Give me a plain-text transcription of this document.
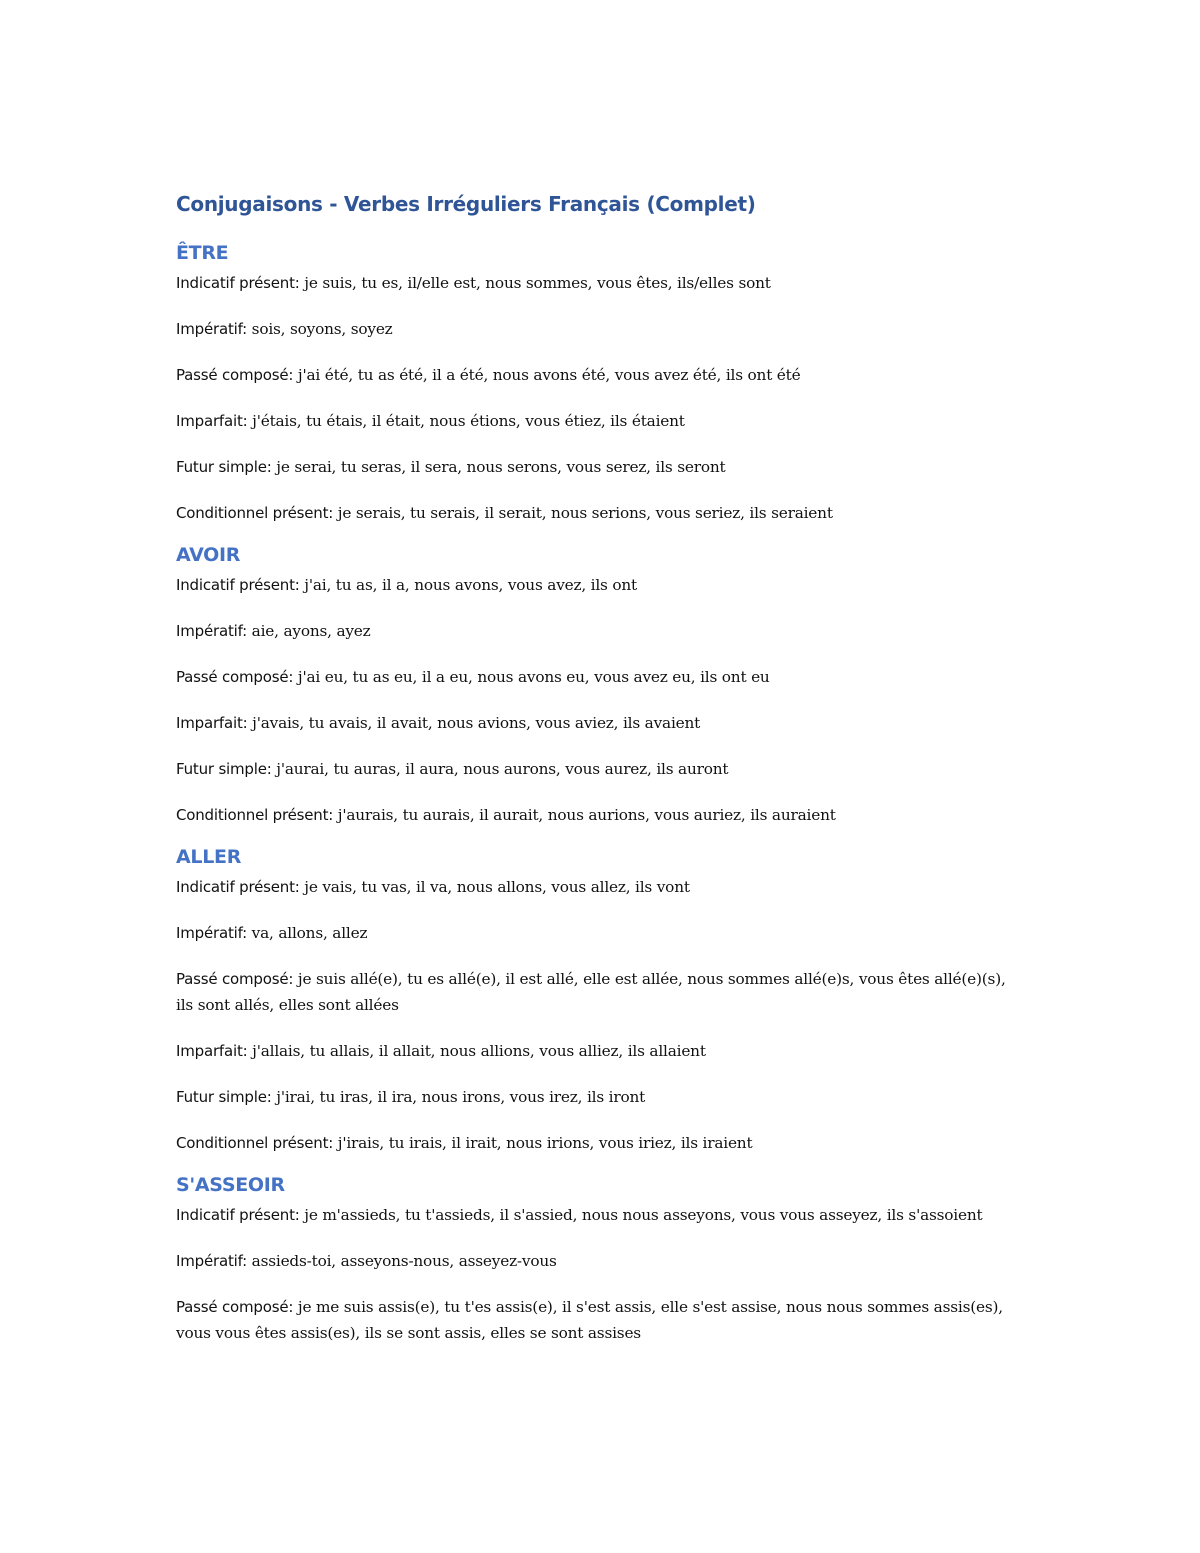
Conjugaisons - Verbes Irréguliers Français (Complet)
ÊTRE

Indicatif présent: je suis, tu es, il/elle est, nous sommes, vous êtes, ils/elles sont

Impératif: sois, soyons, soyez

Passé composé: j'ai été, tu as été, il a été, nous avons été, vous avez été, ils ont été

Imparfait: j'étais, tu étais, il était, nous étions, vous étiez, ils étaient

Futur simple: je serai, tu seras, il sera, nous serons, vous serez, ils seront

Conditionnel présent: je serais, tu serais, il serait, nous serions, vous seriez, ils seraient

AVOIR

Indicatif présent: j'ai, tu as, il a, nous avons, vous avez, ils ont

Impératif: aie, ayons, ayez

Passé composé: j'ai eu, tu as eu, il a eu, nous avons eu, vous avez eu, ils ont eu

Imparfait: j'avais, tu avais, il avait, nous avions, vous aviez, ils avaient

Futur simple: j'aurai, tu auras, il aura, nous aurons, vous aurez, ils auront

Conditionnel présent: j'aurais, tu aurais, il aurait, nous aurions, vous auriez, ils auraient

ALLER

Indicatif présent: je vais, tu vas, il va, nous allons, vous allez, ils vont

Impératif: va, allons, allez

Passé composé: je suis allé(e), tu es allé(e), il est allé, elle est allée, nous sommes allé(e)s, vous êtes allé(e)(s), ils sont allés, elles sont allées

Imparfait: j'allais, tu allais, il allait, nous allions, vous alliez, ils allaient

Futur simple: j'irai, tu iras, il ira, nous irons, vous irez, ils iront

Conditionnel présent: j'irais, tu irais, il irait, nous irions, vous iriez, ils iraient

S'ASSEOIR

Indicatif présent: je m'assieds, tu t'assieds, il s'assied, nous nous asseyons, vous vous asseyez, ils s'assoient

Impératif: assieds-toi, asseyons-nous, asseyez-vous

Passé composé: je me suis assis(e), tu t'es assis(e), il s'est assis, elle s'est assise, nous nous sommes assis(es), vous vous êtes assis(es), ils se sont assis, elles se sont assises
